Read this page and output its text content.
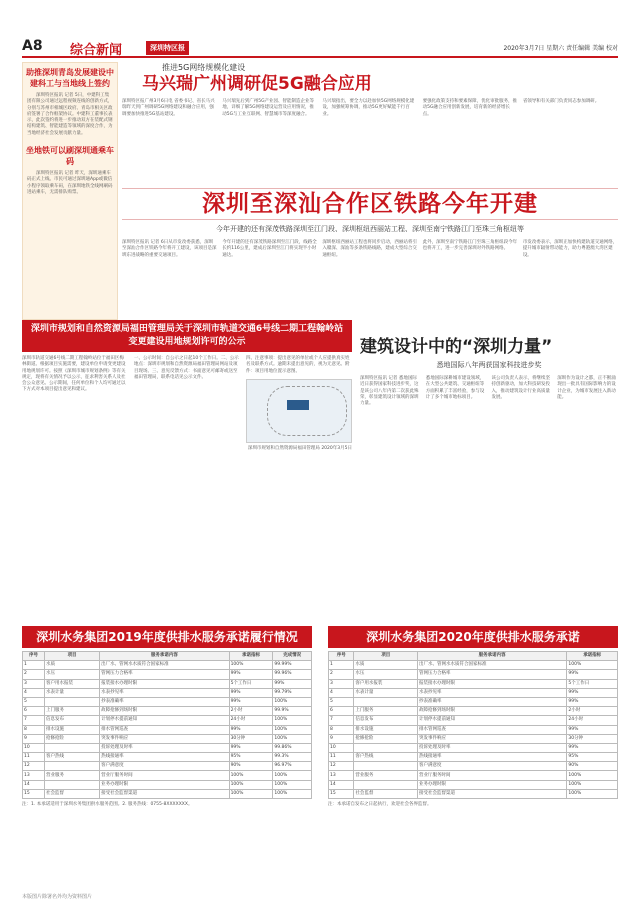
A8 综合新闻	深圳特区报	2020年3月7日 星期六 责任编辑 美编 校对
助推深圳青岛发展建设中建科工与当地线上签约

深圳特区报讯 记者 5日，中建科工集团有限公司通过远程视频连线的创新方式，分别与苏州市相城区政府、青岛市相关区政府签署了合作框架协议。中建科工董事长表示，此次签约将进一步推动双方在装配式钢结构建筑、智能建造等领域的深度合作，为当地经济社会发展贡献力量。

坐地铁可以刷深圳通乘车码

深圳特区报讯 记者 昨天，深圳通乘车码正式上线。市民可通过深圳通App或微信小程序领取乘车码，在深圳地铁全线网刷码进站乘车，无需排队购票。

推进5G网络规模化建设
马兴瑞广州调研促5G融合应用

深圳特区报广州3月6日电 省委书记、省长马兴瑞昨天到广州调研5G网络建设和融合应用，强调要加快推进5G基站建设。

马兴瑞先后到广州5G产业园、智能制造企业等地，详细了解5G网络建设运营及应用情况，推动5G与工业互联网、智慧城市等深度融合。

马兴瑞指出，要全力以赴加快5G网络规模化建设，加强统筹协调，推动5G更好赋能千行百业。

要强化政策支持和要素保障，优化审批服务，推动5G融合应用创新发展，培育新的经济增长点。

省领导和有关部门负责同志参加调研。

深圳至深汕合作区铁路今年开建
今年开建的还有深茂铁路深圳至江门段、深圳枢纽西丽站工程、深圳至南宁铁路江门至珠三角枢纽等

深圳特区报讯 记者 6日从市发改委获悉，深圳至深汕合作区铁路今年将开工建设，该项目是深圳东进战略的重要交通项目。

今年开建的还有深茂铁路深圳至江门段，线路全长约116公里，建成后深圳至江门将实现半小时通达。

深圳枢纽西丽站工程也将同步启动，西丽站将引入赣深、深汕等多条铁路线路，建成大型综合交通枢纽。

此外，深圳至南宁铁路江门至珠三角枢纽段今年也将开工，进一步完善深圳对外铁路网络。

市发改委表示，深圳正加快构建轨道交通网络，提升城市辐射带动能力，助力粤港澳大湾区建设。

深圳市规划和自然资源局福田管理局关于深圳市轨道交通6号线二期工程翰岭站变更建设用地规划许可的公示
深圳市轨道交通6号线二期工程翰岭站位于福田区梅林街道。根据项目实施需要，建设单位申请变更建设用地规划许可。按照《深圳市城市规划条例》等有关规定，现将有关情况予以公示，征求利害关系人及社会公众意见。公示期间，任何单位和个人均可通过以下方式对本项目提出意见和建议。
一、公示时间：自公示之日起10个工作日。二、公示地点：深圳市规划和自然资源局福田管理局网站及项目现场。三、意见反馈方式：书面意见可邮寄或送至福田管理局，联系电话见公示文件。
四、注意事项：提出意见的单位或个人应提供真实姓名及联系方式。逾期未提出意见的，视为无意见。附件：项目用地位置示意图。
深圳市规划和自然资源局福田管理局 2020年3月5日
建筑设计中的“深圳力量”
悉地国际八年两获国家科技进步奖

深圳特区报讯 记者 悉地国际近日获得国家科技进步奖，这是该公司八年内第二次获此殊荣，彰显建筑设计领域的深圳力量。

悉地国际深耕城市建设领域，在大型公共建筑、交通枢纽等方面积累了丰富经验，参与设计了多个城市地标项目。

该公司负责人表示，将继续坚持创新驱动，加大科技研发投入，推动建筑设计行业高质量发展。

深圳作为设计之都，正不断涌现出一批具有国际影响力的设计企业，为城市发展注入新动能。

深圳水务集团2019年度供排水服务承诺履行情况
序号	项目	服务承诺内容	承诺指标	完成情况
1	水质	出厂水、管网水水质符合国家标准	100%	99.99%
2	水压	管网压力合格率	99%	99.96%
3	客户用水报装	报装接水办理时限	5个工作日	99%
4	水表计量	水表抄见率	99%	99.79%
5		抄表准确率	99%	100%
6	上门服务	故障抢修到场时限	2小时	99.9%
7	信息发布	计划停水提前通知	24小时	100%
8	排水设施	排水管网巡查	99%	100%
9	抢修抢险	突发事件响应	30分钟	100%
10		投诉处理及时率	99%	99.86%
11	客户热线	热线接通率	95%	99.3%
12		客户满意度	90%	96.97%
13	营业服务	营业厅服务时间	100%	100%
14		业务办理时限	100%	100%
15	社会监督	接受社会监督渠道	100%	100%
注：1. 本承诺适用于深圳水务集团供水服务范围。2. 服务热线：0755-8XXXXXXX。
深圳水务集团2020年度供排水服务承诺
序号	项目	服务承诺内容	承诺指标
1	水质	出厂水、管网水水质符合国家标准	100%
2	水压	管网压力合格率	99%
3	客户用水报装	报装接水办理时限	5个工作日
4	水表计量	水表抄见率	99%
5		抄表准确率	99%
6	上门服务	故障抢修到场时限	2小时
7	信息发布	计划停水提前通知	24小时
8	排水设施	排水管网巡查	99%
9	抢修抢险	突发事件响应	30分钟
10		投诉处理及时率	99%
11	客户热线	热线接通率	95%
12		客户满意度	90%
13	营业服务	营业厅服务时间	100%
14		业务办理时限	100%
15	社会监督	接受社会监督渠道	100%
注：本承诺自发布之日起执行，欢迎社会各界监督。
本版图片除署名外均为资料图片
